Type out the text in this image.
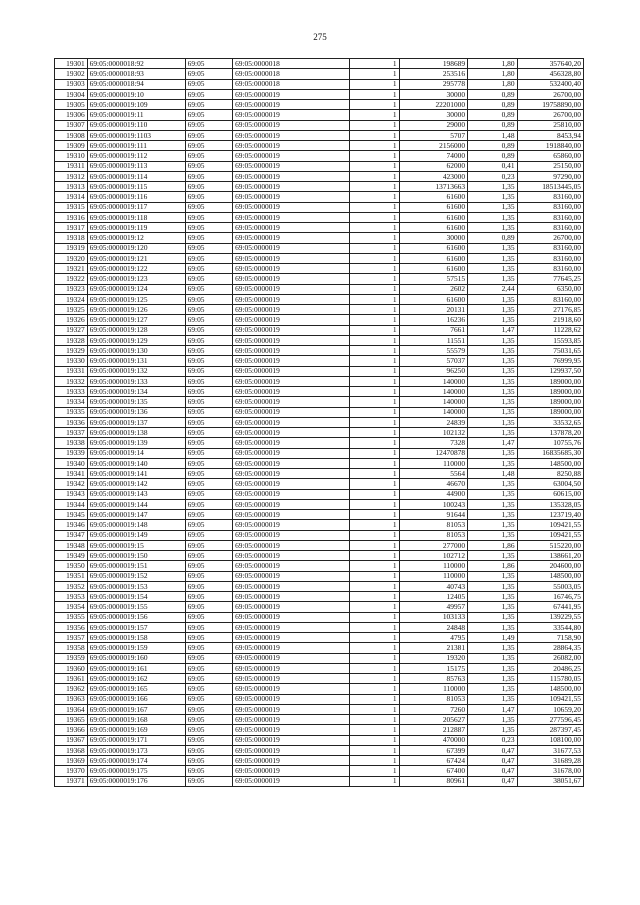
275
19301	69:05:0000018:92	69:05	69:05:0000018	1	198689	1,80	357640,20
19302	69:05:0000018:93	69:05	69:05:0000018	1	253516	1,80	456328,80
19303	69:05:0000018:94	69:05	69:05:0000018	1	295778	1,80	532400,40
19304	69:05:0000019:10	69:05	69:05:0000019	1	30000	0,89	26700,00
19305	69:05:0000019:109	69:05	69:05:0000019	1	22201000	0,89	19758890,00
19306	69:05:0000019:11	69:05	69:05:0000019	1	30000	0,89	26700,00
19307	69:05:0000019:110	69:05	69:05:0000019	1	29000	0,89	25810,00
19308	69:05:0000019:1103	69:05	69:05:0000019	1	5707	1,48	8453,94
19309	69:05:0000019:111	69:05	69:05:0000019	1	2156000	0,89	1918840,00
19310	69:05:0000019:112	69:05	69:05:0000019	1	74000	0,89	65860,00
19311	69:05:0000019:113	69:05	69:05:0000019	1	62000	0,41	25150,00
19312	69:05:0000019:114	69:05	69:05:0000019	1	423000	0,23	97290,00
19313	69:05:0000019:115	69:05	69:05:0000019	1	13713663	1,35	18513445,05
19314	69:05:0000019:116	69:05	69:05:0000019	1	61600	1,35	83160,00
19315	69:05:0000019:117	69:05	69:05:0000019	1	61600	1,35	83160,00
19316	69:05:0000019:118	69:05	69:05:0000019	1	61600	1,35	83160,00
19317	69:05:0000019:119	69:05	69:05:0000019	1	61600	1,35	83160,00
19318	69:05:0000019:12	69:05	69:05:0000019	1	30000	0,89	26700,00
19319	69:05:0000019:120	69:05	69:05:0000019	1	61600	1,35	83160,00
19320	69:05:0000019:121	69:05	69:05:0000019	1	61600	1,35	83160,00
19321	69:05:0000019:122	69:05	69:05:0000019	1	61600	1,35	83160,00
19322	69:05:0000019:123	69:05	69:05:0000019	1	57515	1,35	77645,25
19323	69:05:0000019:124	69:05	69:05:0000019	1	2602	2,44	6350,00
19324	69:05:0000019:125	69:05	69:05:0000019	1	61600	1,35	83160,00
19325	69:05:0000019:126	69:05	69:05:0000019	1	20131	1,35	27176,85
19326	69:05:0000019:127	69:05	69:05:0000019	1	16236	1,35	21918,60
19327	69:05:0000019:128	69:05	69:05:0000019	1	7661	1,47	11228,62
19328	69:05:0000019:129	69:05	69:05:0000019	1	11551	1,35	15593,85
19329	69:05:0000019:130	69:05	69:05:0000019	1	55579	1,35	75031,65
19330	69:05:0000019:131	69:05	69:05:0000019	1	57037	1,35	76999,95
19331	69:05:0000019:132	69:05	69:05:0000019	1	96250	1,35	129937,50
19332	69:05:0000019:133	69:05	69:05:0000019	1	140000	1,35	189000,00
19333	69:05:0000019:134	69:05	69:05:0000019	1	140000	1,35	189000,00
19334	69:05:0000019:135	69:05	69:05:0000019	1	140000	1,35	189000,00
19335	69:05:0000019:136	69:05	69:05:0000019	1	140000	1,35	189000,00
19336	69:05:0000019:137	69:05	69:05:0000019	1	24839	1,35	33532,65
19337	69:05:0000019:138	69:05	69:05:0000019	1	102132	1,35	137878,20
19338	69:05:0000019:139	69:05	69:05:0000019	1	7328	1,47	10755,76
19339	69:05:0000019:14	69:05	69:05:0000019	1	12470878	1,35	16835685,30
19340	69:05:0000019:140	69:05	69:05:0000019	1	110000	1,35	148500,00
19341	69:05:0000019:141	69:05	69:05:0000019	1	5564	1,48	8250,88
19342	69:05:0000019:142	69:05	69:05:0000019	1	46670	1,35	63004,50
19343	69:05:0000019:143	69:05	69:05:0000019	1	44900	1,35	60615,00
19344	69:05:0000019:144	69:05	69:05:0000019	1	100243	1,35	135328,05
19345	69:05:0000019:147	69:05	69:05:0000019	1	91644	1,35	123719,40
19346	69:05:0000019:148	69:05	69:05:0000019	1	81053	1,35	109421,55
19347	69:05:0000019:149	69:05	69:05:0000019	1	81053	1,35	109421,55
19348	69:05:0000019:15	69:05	69:05:0000019	1	277000	1,86	515220,00
19349	69:05:0000019:150	69:05	69:05:0000019	1	102712	1,35	138661,20
19350	69:05:0000019:151	69:05	69:05:0000019	1	110000	1,86	204600,00
19351	69:05:0000019:152	69:05	69:05:0000019	1	110000	1,35	148500,00
19352	69:05:0000019:153	69:05	69:05:0000019	1	40743	1,35	55003,05
19353	69:05:0000019:154	69:05	69:05:0000019	1	12405	1,35	16746,75
19354	69:05:0000019:155	69:05	69:05:0000019	1	49957	1,35	67441,95
19355	69:05:0000019:156	69:05	69:05:0000019	1	103133	1,35	139229,55
19356	69:05:0000019:157	69:05	69:05:0000019	1	24848	1,35	33544,80
19357	69:05:0000019:158	69:05	69:05:0000019	1	4795	1,49	7158,90
19358	69:05:0000019:159	69:05	69:05:0000019	1	21381	1,35	28864,35
19359	69:05:0000019:160	69:05	69:05:0000019	1	19320	1,35	26082,00
19360	69:05:0000019:161	69:05	69:05:0000019	1	15175	1,35	20486,25
19361	69:05:0000019:162	69:05	69:05:0000019	1	85763	1,35	115780,05
19362	69:05:0000019:165	69:05	69:05:0000019	1	110000	1,35	148500,00
19363	69:05:0000019:166	69:05	69:05:0000019	1	81053	1,35	109421,55
19364	69:05:0000019:167	69:05	69:05:0000019	1	7260	1,47	10659,20
19365	69:05:0000019:168	69:05	69:05:0000019	1	205627	1,35	277596,45
19366	69:05:0000019:169	69:05	69:05:0000019	1	212887	1,35	287397,45
19367	69:05:0000019:171	69:05	69:05:0000019	1	470000	0,23	108100,00
19368	69:05:0000019:173	69:05	69:05:0000019	1	67399	0,47	31677,53
19369	69:05:0000019:174	69:05	69:05:0000019	1	67424	0,47	31689,28
19370	69:05:0000019:175	69:05	69:05:0000019	1	67400	0,47	31678,00
19371	69:05:0000019:176	69:05	69:05:0000019	1	80961	0,47	38051,67
